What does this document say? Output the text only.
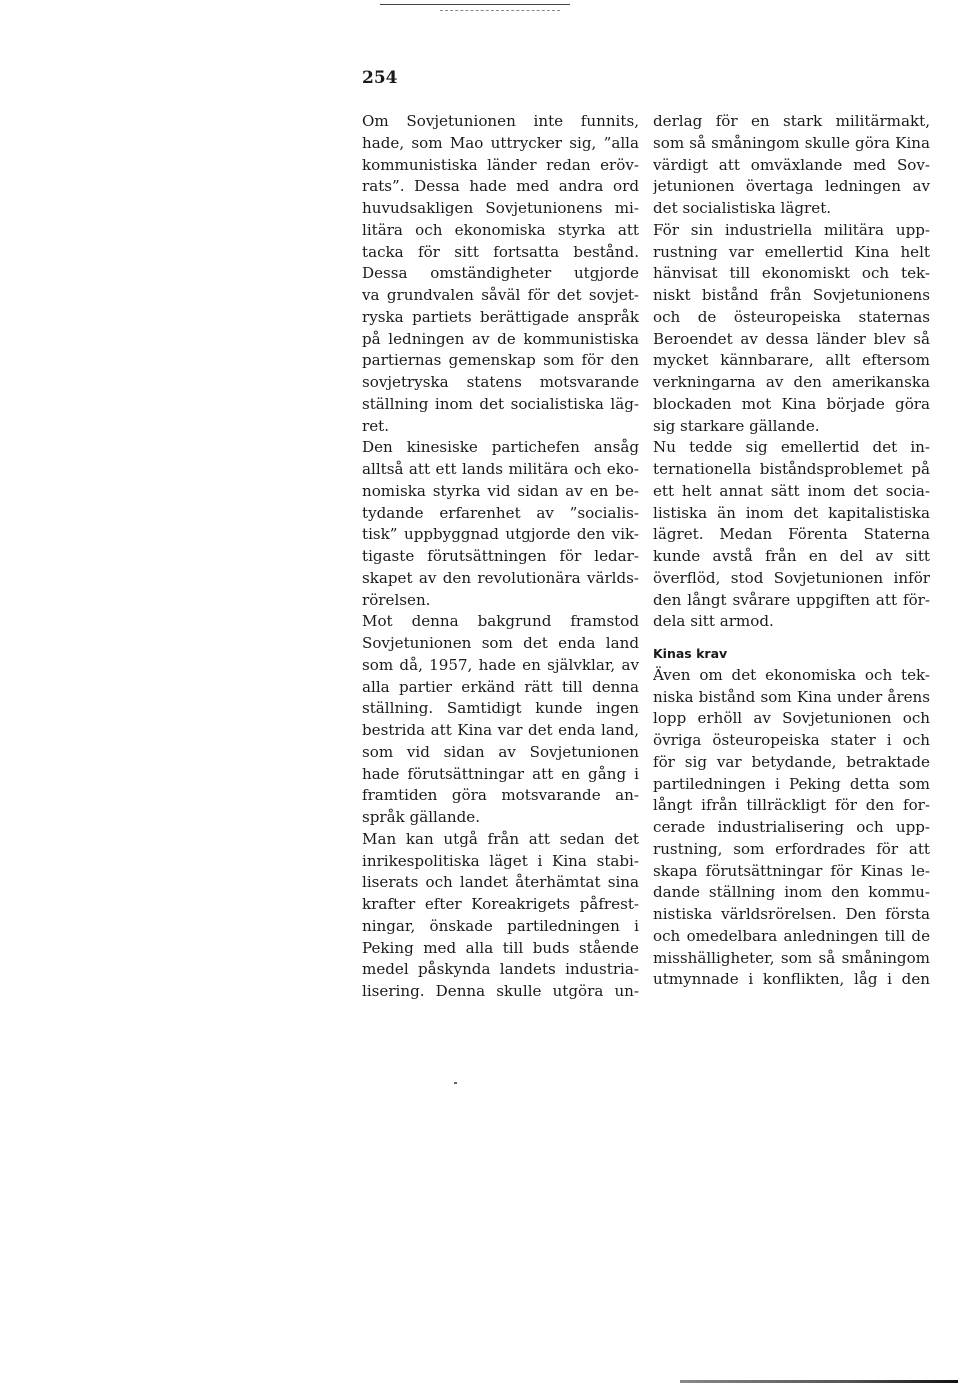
254

Om Sovjetunionen inte funnits,
hade, som Mao uttrycker sig, ”alla
kommunistiska länder redan eröv-
rats”. Dessa hade med andra ord
huvudsakligen Sovjetunionens mi-
litära och ekonomiska styrka att
tacka för sitt fortsatta bestånd.
Dessa omständigheter utgjorde
va grundvalen såväl för det sovjet-
ryska partiets berättigade anspråk
på ledningen av de kommunistiska
partiernas gemenskap som för den
sovjetryska statens motsvarande
ställning inom det socialistiska läg-
ret.
Den kinesiske partichefen ansåg
alltså att ett lands militära och eko-
nomiska styrka vid sidan av en be-
tydande erfarenhet av ”socialis-
tisk” uppbyggnad utgjorde den vik-
tigaste förutsättningen för ledar-
skapet av den revolutionära världs-
rörelsen.
Mot denna bakgrund framstod
Sovjetunionen som det enda land
som då, 1957, hade en självklar, av
alla partier erkänd rätt till denna
ställning. Samtidigt kunde ingen
bestrida att Kina var det enda land,
som vid sidan av Sovjetunionen
hade förutsättningar att en gång i
framtiden göra motsvarande an-
språk gällande.
Man kan utgå från att sedan det
inrikespolitiska läget i Kina stabi-
liserats och landet återhämtat sina
krafter efter Koreakrigets påfrest-
ningar, önskade partiledningen i
Peking med alla till buds stående
medel påskynda landets industria-
lisering. Denna skulle utgöra un-
derlag för en stark militärmakt,
som så småningom skulle göra Kina
värdigt att omväxlande med Sov-
jetunionen övertaga ledningen av
det socialistiska lägret.
För sin industriella militära upp-
rustning var emellertid Kina helt
hänvisat till ekonomiskt och tek-
niskt bistånd från Sovjetunionens
och de östeuropeiska staternas
Beroendet av dessa länder blev så
mycket kännbarare, allt eftersom
verkningarna av den amerikanska
blockaden mot Kina började göra
sig starkare gällande.
Nu tedde sig emellertid det in-
ternationella biståndsproblemet på
ett helt annat sätt inom det socia-
listiska än inom det kapitalistiska
lägret. Medan Förenta Staterna
kunde avstå från en del av sitt
överflöd, stod Sovjetunionen inför
den långt svårare uppgiften att för-
dela sitt armod.
Kinas krav
Även om det ekonomiska och tek-
niska bistånd som Kina under årens
lopp erhöll av Sovjetunionen och
övriga östeuropeiska stater i och
för sig var betydande, betraktade
partiledningen i Peking detta som
långt ifrån tillräckligt för den for-
cerade industrialisering och upp-
rustning, som erfordrades för att
skapa förutsättningar för Kinas le-
dande ställning inom den kommu-
nistiska världsrörelsen. Den första
och omedelbara anledningen till de
misshälligheter, som så småningom
utmynnade i konflikten, låg i den
